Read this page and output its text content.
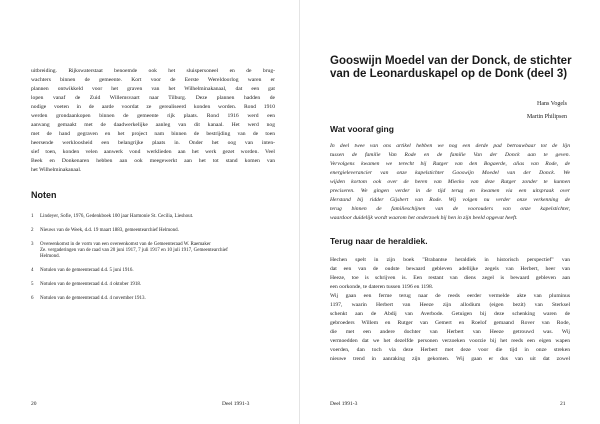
uitbreiding. Rijkswaterstaat benoemde ook het sluispersoneel en de brug-
wachters binnen de gemeente. Kort voor de Eerste Wereldoorlog waren er
plannen ontwikkeld voor het graven van het Wilhelminakanaal, dat een gat
lopen vanaf de Zuid Willemsvaart naar Tilburg. Deze plannen hadden de
nodige voeten in de aarde voordat ze gerealiseerd konden worden. Rond 1910
werden grondaankopen binnen de gemeente rijk plaats. Rond 1916 werd een
aanvang gemaakt met de daadwerkelijke aanleg van dit kanaal. Het werd nog
met de hand gegraven en het project nam binnen de bestrijding van de toen
heersende werkloosheid een belangrijke plaats in. Onder het oog van inten-
sief toen, konden velen aanwerk vond werklieden aan het werk gezet worden. Veel
Beek en Donkenaren hebben aan ook meegewerkt aan het tot stand komen van
het Wilhelminakanaal.
Noten
1 Lindeyer, Sofie, 1976, Gedenkboek 100 jaar Harmonie St. Cecilia, Lieshout.
2 Nieuws van de Week, d.d. 19 maart 1883, gemeentearchief Helmond.
3 Overeenkomst in de vorm van een overeenkomst van de Gemeenteraad W. Raemaker
Ze. vergaderingen van de raad van 20 juni 1917, 7 juli 1917 en 10 juli 1917, Gemeentearchief
Helmond.
4 Notulen van de gemeenteraad d.d. 5 juni 1916.
5 Notulen van de gemeenteraad d.d. 4 oktober 1918.
6 Notulen van de gemeenteraad d.d. 4 november 1913.
20	Deel 1991-3
Gooswijn Moedel van der Donck, de stichter van de Leonarduskapel op de Donk (deel 3)
Hans Vogels
Martin Philipsen
Wat vooraf ging
In deel twee van ons artikel hebben we nog een derde pad betrouwbaar tot de lijn
tussen de familie Van Rode en de familie Van der Donck aan te geven.
Vervolgens kwamen we terecht bij Rutger van den Bogaerde, alias van Rode, de
energieleverancier van onze kapelstichter Gooswijn Moedel van der Donck. We
wijden kortom ook over de heren van Miecko van deze Rutger zonder te kunnen
preciseren. We gingen verder in de tijd terug en kwamen via een uitspraak over
Herstand bij ridder Gijsbert van Rode. Wij volgen nu verder onze verkenning de
terug binnen de familieschijnen van de voorouders van onze kapelstichter,
waardoor duidelijk wordt waarom het onderzoek bij hen in zijn beeld opgevat heeft.
Terug naar de heraldiek.
Hechen spelt in zijn boek "Brabantse heraldiek in historisch perspectief" van
dat een van de oudste bewaard gebleven adellijke zegels van Herbert, heer van
Heeze, toe is schrijven is. Een restant van diens zegel is bewaard gebleven aan
een oorkonde, te dateren tussen 1196 en 1198.
Wij gaan een ferme terug naar de reeds eerder vermelde akte van pluminus
1197, waarin Herbert van Heeze zijn allodium (eigen bezit) van Sterksel
schenkt aan de Abdij van Averbode. Getuigen bij deze schenking waren de
gebroeders Willem en Rutger van Gemert en Roelof gemaand Rover van Rode,
die met een andere dochter van Herbert van Heeze getrouwd was. Wij
vermoedden dat we het dezelfde personen verzoeken voorzie bij het reeds een eigen wapen
voerden, dan toch via deze Herbert met deze voor die tijd in onze streken
nieuwe trend in aanraking zijn gekomen. Wij gaan er dus van uit dat zowel
Deel 1991-3	21
